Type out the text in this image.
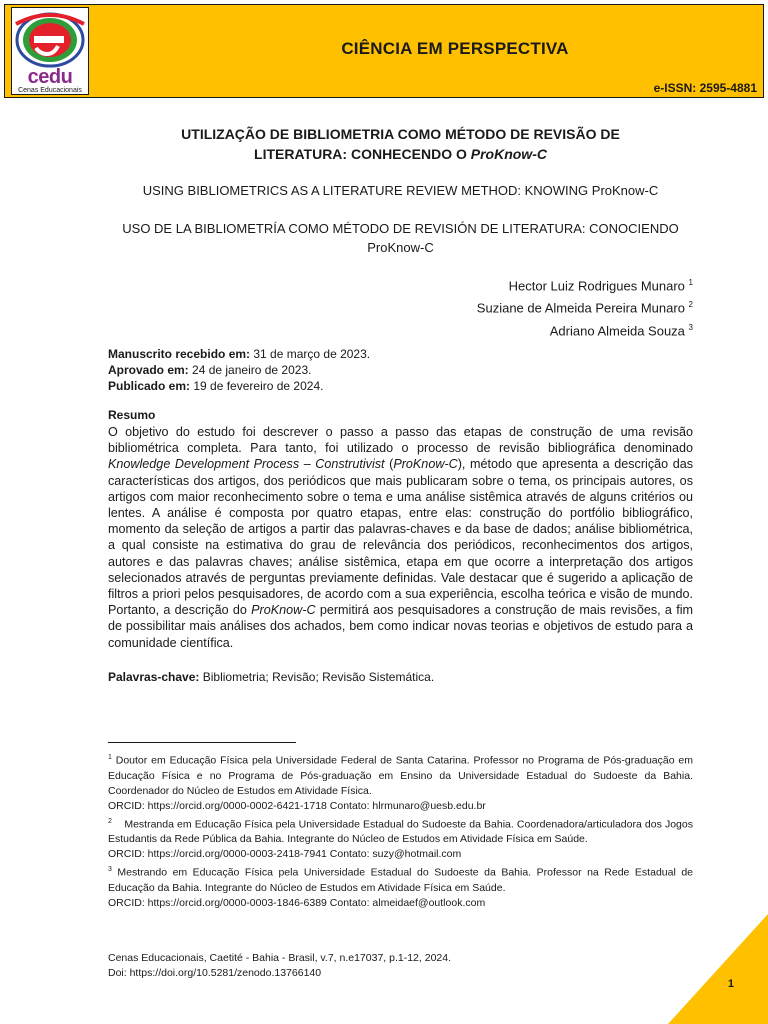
cedu
Cenas Educacionais
CIÊNCIA EM PERSPECTIVA
e-ISSN: 2595-4881
UTILIZAÇÃO DE BIBLIOMETRIA COMO MÉTODO DE REVISÃO DE
LITERATURA: CONHECENDO O ProKnow-C
USING BIBLIOMETRICS AS A LITERATURE REVIEW METHOD: KNOWING ProKnow-C
USO DE LA BIBLIOMETRÍA COMO MÉTODO DE REVISIÓN DE LITERATURA: CONOCIENDO ProKnow-C
Hector Luiz Rodrigues Munaro $^1$
Suziane de Almeida Pereira Munaro $^2$
Adriano Almeida Souza $^3$
Manuscrito recebido em: 31 de março de 2023.
Aprovado em: 24 de janeiro de 2023.
Publicado em: 19 de fevereiro de 2024.
Resumo
O objetivo do estudo foi descrever o passo a passo das etapas de construção de uma revisão bibliométrica completa. Para tanto, foi utilizado o processo de revisão bibliográfica denominado Knowledge Development Process – Construtivist (ProKnow-C), método que apresenta a descrição das características dos artigos, dos periódicos que mais publicaram sobre o tema, os principais autores, os artigos com maior reconhecimento sobre o tema e uma análise sistêmica através de alguns critérios ou lentes. A análise é composta por quatro etapas, entre elas: construção do portfólio bibliográfico, momento da seleção de artigos a partir das palavras-chaves e da base de dados; análise bibliométrica, a qual consiste na estimativa do grau de relevância dos periódicos, reconhecimentos dos artigos, autores e das palavras chaves; análise sistêmica, etapa em que ocorre a interpretação dos artigos selecionados através de perguntas previamente definidas. Vale destacar que é sugerido a aplicação de filtros a priori pelos pesquisadores, de acordo com a sua experiência, escolha teórica e visão de mundo. Portanto, a descrição do ProKnow-C permitirá aos pesquisadores a construção de mais revisões, a fim de possibilitar mais análises dos achados, bem como indicar novas teorias e objetivos de estudo para a comunidade científica.
Palavras-chave: Bibliometria; Revisão; Revisão Sistemática.

$^1$ Doutor em Educação Física pela Universidade Federal de Santa Catarina. Professor no Programa de Pós-graduação em Educação Física e no Programa de Pós-graduação em Ensino da Universidade Estadual do Sudoeste da Bahia. Coordenador do Núcleo de Estudos em Atividade Física.

ORCID: https://orcid.org/0000-0002-6421-1718 Contato: hlrmunaro@uesb.edu.br

$^2$    Mestranda em Educação Física pela Universidade Estadual do Sudoeste da Bahia. Coordenadora/articuladora dos Jogos Estudantis da Rede Pública da Bahia. Integrante do Núcleo de Estudos em Atividade Física em Saúde.

ORCID: https://orcid.org/0000-0003-2418-7941 Contato: suzy@hotmail.com

$^3$ Mestrando em Educação Física pela Universidade Estadual do Sudoeste da Bahia. Professor na Rede Estadual de Educação da Bahia. Integrante do Núcleo de Estudos em Atividade Física em Saúde.

ORCID: https://orcid.org/0000-0003-1846-6389 Contato: almeidaef@outlook.com

Cenas Educacionais, Caetité - Bahia - Brasil, v.7, n.e17037, p.1-12, 2024.
Doi: https://doi.org/10.5281/zenodo.13766140
1
